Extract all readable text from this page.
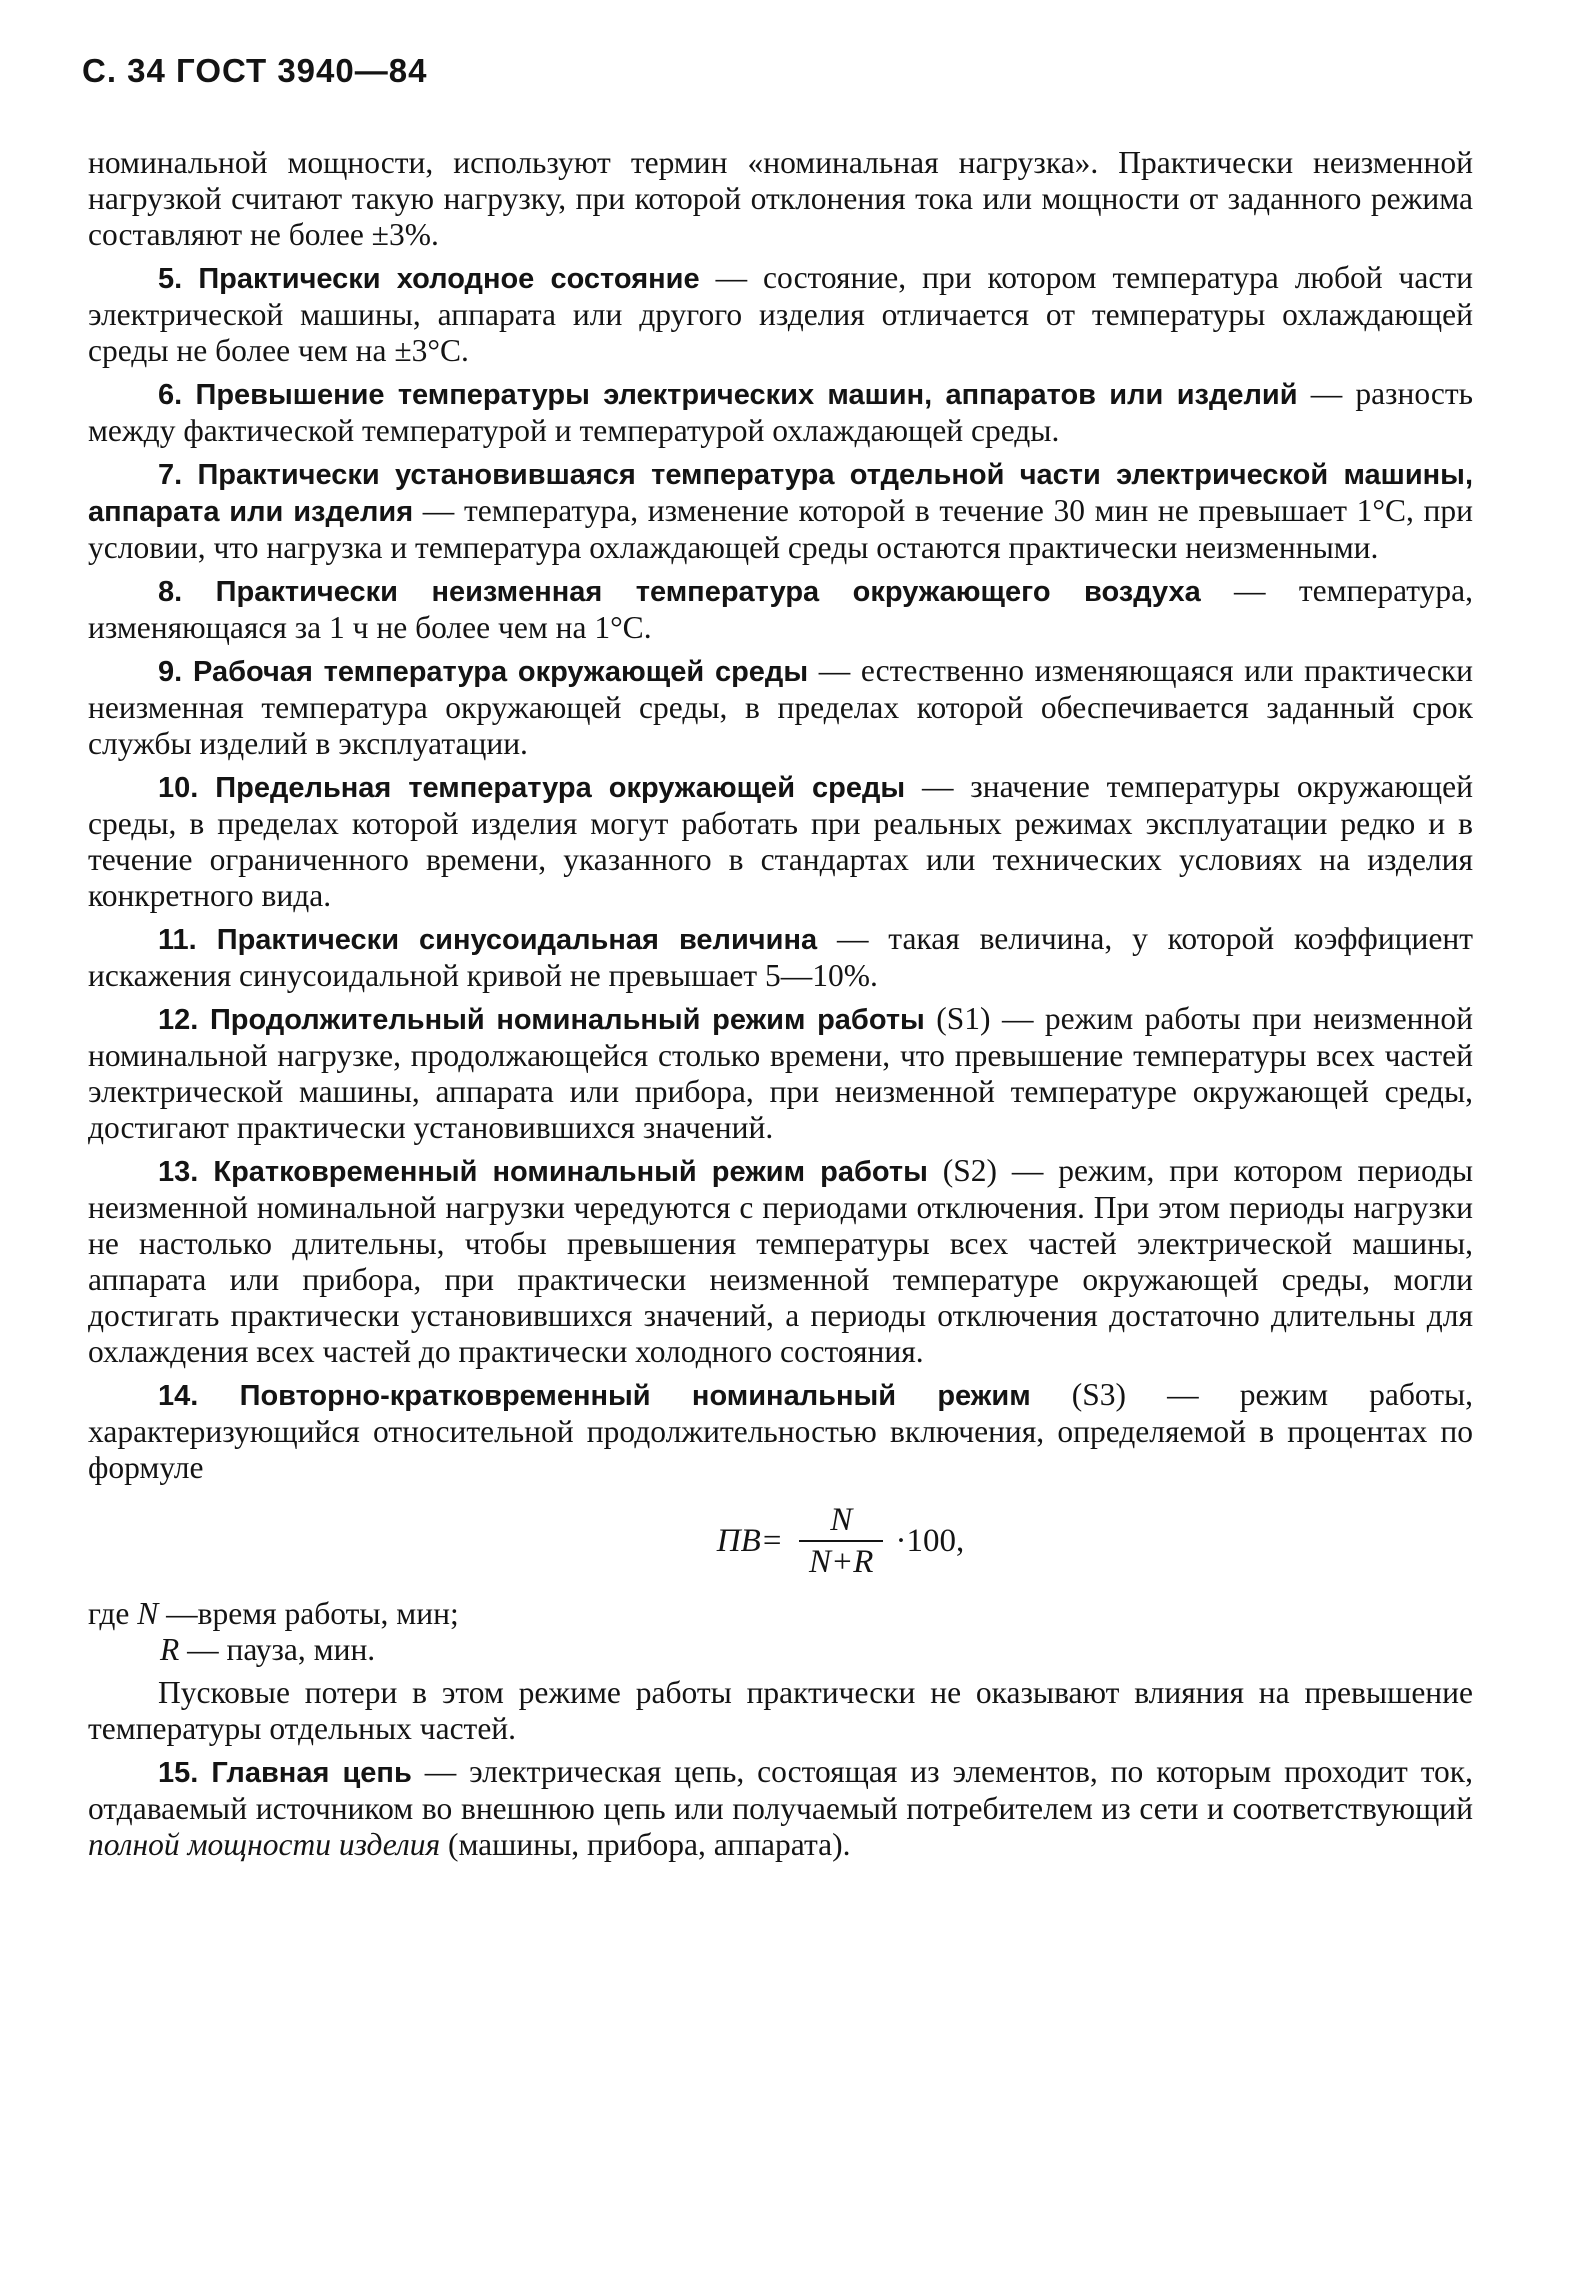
С. 34 ГОСТ 3940—84

номинальной мощности, используют термин «номинальная нагрузка». Практически неизменной нагрузкой считают такую нагрузку, при которой отклонения тока или мощности от заданного режима составляют не более ±3%.

5. Практически холодное состояние — состояние, при котором температура любой части электрической машины, аппарата или другого изделия отличается от температуры охлаждающей среды не более чем на ±3°С.

6. Превышение температуры электрических машин, аппаратов или изделий — разность между фактической температурой и температурой охлаждающей среды.

7. Практически установившаяся температура отдельной части электрической машины, аппарата или изделия — температура, изменение которой в течение 30 мин не превышает 1°С, при условии, что нагрузка и температура охлаждающей среды остаются практически неизменными.

8. Практически неизменная температура окружающего воздуха — температура, изменяющаяся за 1 ч не более чем на 1°С.

9. Рабочая температура окружающей среды — естественно изменяющаяся или практически неизменная температура окружающей среды, в пределах которой обеспечивается заданный срок службы изделий в эксплуатации.

10. Предельная температура окружающей среды — значение температуры окружающей среды, в пределах которой изделия могут работать при реальных режимах эксплуатации редко и в течение ограниченного времени, указанного в стандартах или технических условиях на изделия конкретного вида.

11. Практически синусоидальная величина — такая величина, у которой коэффициент искажения синусоидальной кривой не превышает 5—10%.

12. Продолжительный номинальный режим работы (S1) — режим работы при неизменной номинальной нагрузке, продолжающейся столько времени, что превышение температуры всех частей электрической машины, аппарата или прибора, при неизменной температуре окружающей среды, достигают практически установившихся значений.

13. Кратковременный номинальный режим работы (S2) — режим, при котором периоды неизменной номинальной нагрузки чередуются с периодами отключения. При этом периоды нагрузки не настолько длительны, чтобы превышения температуры всех частей электрической машины, аппарата или прибора, при практически неизменной температуре окружающей среды, могли достигать практически установившихся значений, а периоды отключения достаточно длительны для охлаждения всех частей до практически холодного состояния.

14. Повторно-кратковременный номинальный режим (S3) — режим работы, характеризующийся относительной продолжительностью включения, определяемой в процентах по формуле

$ПВ= \frac{N}{N+R} \cdot 100$,

где N —время работы, мин;

R — пауза, мин.

Пусковые потери в этом режиме работы практически не оказывают влияния на превышение температуры отдельных частей.

15. Главная цепь — электрическая цепь, состоящая из элементов, по которым проходит ток, отдаваемый источником во внешнюю цепь или получаемый потребителем из сети и соответствующий полной мощности изделия (машины, прибора, аппарата).
